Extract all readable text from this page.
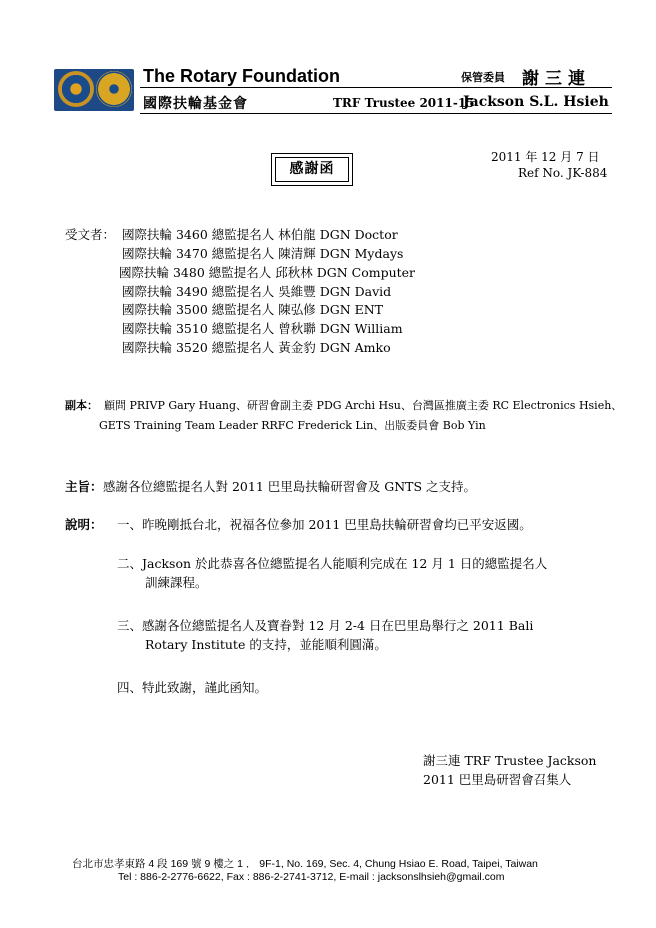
The Rotary Foundation
國際扶輪基金會
保管委員 謝三連
TRF Trustee 2011-15
Jackson S.L. Hsieh
感謝函
2011 年 12 月 7 日
Ref No. JK-884
受文者： 國際扶輪 3460 總監提名人 林伯龍 DGN Doctor
國際扶輪 3470 總監提名人 陳清輝 DGN Mydays
國際扶輪 3480 總監提名人 邱秋林 DGN Computer
國際扶輪 3490 總監提名人 吳維豐 DGN David
國際扶輪 3500 總監提名人 陳弘修 DGN ENT
國際扶輪 3510 總監提名人 曾秋聯 DGN William
國際扶輪 3520 總監提名人 黃金豹 DGN Amko
副本： 顧問 PRIVP Gary Huang、研習會副主委 PDG Archi Hsu、台灣區推廣主委 RC Electronics Hsieh、
GETS Training Team Leader RRFC Frederick Lin、出版委員會 Bob Yin
主旨： 感謝各位總監提名人對 2011 巴里島扶輪研習會及 GNTS 之支持。
說明： 一、昨晚剛抵台北，祝福各位參加 2011 巴里島扶輪研習會均已平安返國。
二、Jackson 於此恭喜各位總監提名人能順利完成在 12 月 1 日的總監提名人
訓練課程。
三、感謝各位總監提名人及寶眷對 12 月 2-4 日在巴里島舉行之 2011 Bali
Rotary Institute 的支持，並能順利圓滿。
四、特此致謝，謹此函知。
謝三連 TRF Trustee Jackson
2011 巴里島研習會召集人
台北市忠孝東路 4 段 169 號 9 樓之 1 ． 9F-1, No. 169, Sec. 4, Chung Hsiao E. Road, Taipei, Taiwan
Tel : 886-2-2776-6622, Fax : 886-2-2741-3712, E-mail : jacksonslhsieh@gmail.com
